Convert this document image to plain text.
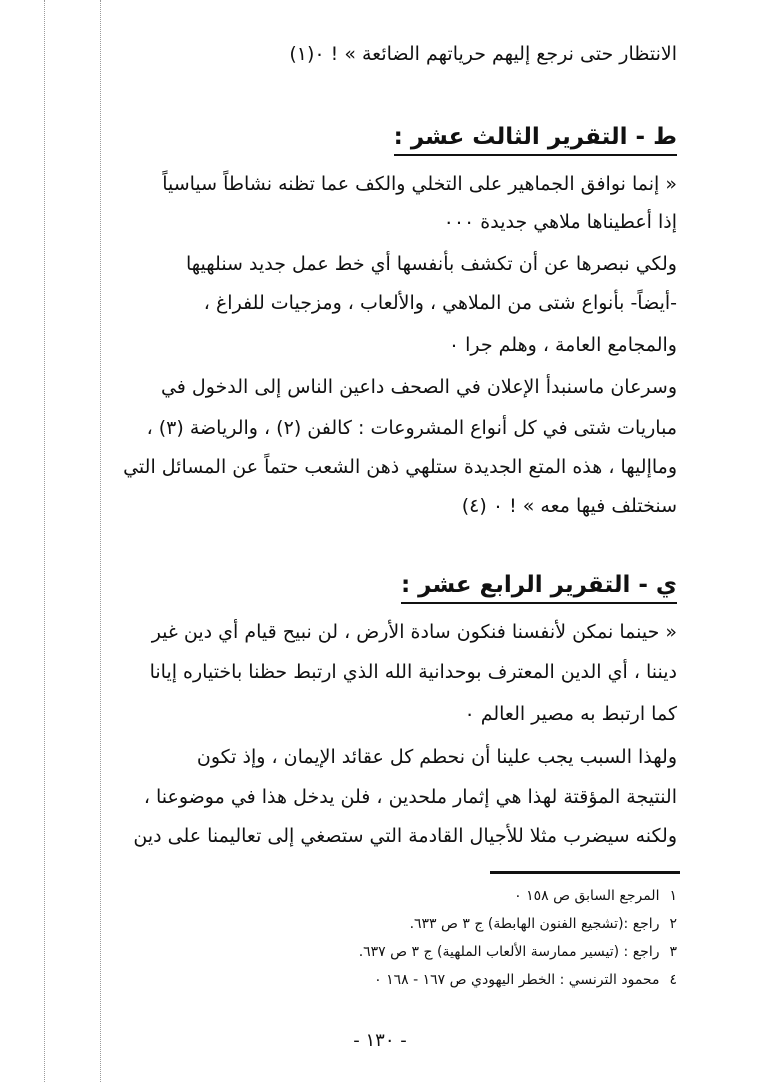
الانتظار حتى نرجع إليهم حرياتهم الضائعة » ! ٠(١)
ط - التقرير الثالث عشر :
« إنما نوافق الجماهير على التخلي والكف عما تظنه نشاطاً سياسياً
إذا أعطيناها ملاهي جديدة ٠٠٠
ولكي نبصرها عن أن تكشف بأنفسها أي خط عمل جديد سنلهيها
-أيضاً- بأنواع شتى من الملاهي ، والألعاب ، ومزجيات للفراغ ،
والمجامع العامة ، وهلم جرا ٠
وسرعان ماسنبدأ الإعلان في الصحف داعين الناس إلى الدخول في
مباريات شتى في كل أنواع المشروعات : كالفن (٢) ، والرياضة (٣) ،
وماإليها ، هذه المتع الجديدة ستلهي ذهن الشعب حتماً عن المسائل التي
سنختلف فيها معه » ! ٠ (٤)
ي - التقرير الرابع عشر :
« حينما نمكن لأنفسنا فنكون سادة الأرض ، لن نبيح قيام أي دين غير
ديننا ، أي الدين المعترف بوحدانية الله الذي ارتبط حظنا باختياره إيانا
كما ارتبط به مصير العالم ٠
ولهذا السبب يجب علينا أن نحطم كل عقائد الإيمان ، وإذ تكون
النتيجة المؤقتة لهذا هي إثمار ملحدين ، فلن يدخل هذا في موضوعنا ،
ولكنه سيضرب مثلا للأجيال القادمة التي ستصغي إلى تعاليمنا على دين
١المرجع السابق ص ١٥٨ ٠
٢راجع :(تشجيع الفنون الهابطة) ج ٣ ص ٦٣٣.
٣راجع : (تيسير ممارسة الألعاب الملهية) ج ٣ ص ٦٣٧.
٤محمود الترنسي : الخطر اليهودي ص ١٦٧ - ١٦٨ ٠
- ١٣٠ -
